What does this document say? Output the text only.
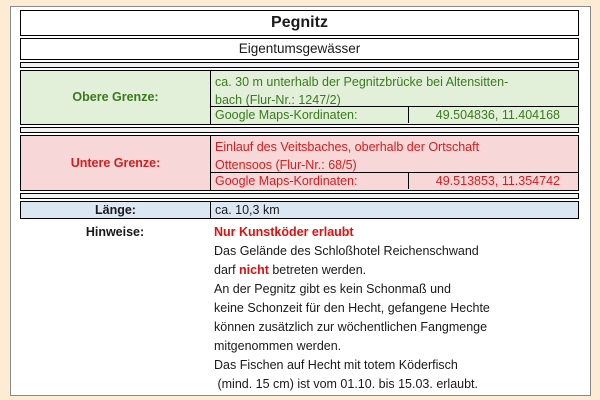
Pegnitz
Eigentumsgewässer
Obere Grenze:
ca. 30 m unterhalb der Pegnitzbrücke bei Altensitten-
bach (Flur-Nr.: 1247/2)
Google Maps-Kordinaten:	49.504836, 11.404168
Untere Grenze:
Einlauf des Veitsbaches, oberhalb der Ortschaft
Ottensoos (Flur-Nr.: 68/5)
Google Maps-Kordinaten:	49.513853, 11.354742
Länge:	ca. 10,3 km
Hinweise:	Nur Kunstköder erlaubt
Das Gelände des Schloßhotel Reichenschwand
darf nicht betreten werden.
An der Pegnitz gibt es kein Schonmaß und
keine Schonzeit für den Hecht, gefangene Hechte
können zusätzlich zur wöchentlichen Fangmenge
mitgenommen werden.
Das Fischen auf Hecht mit totem Köderfisch
(mind. 15 cm) ist vom 01.10. bis 15.03. erlaubt.
